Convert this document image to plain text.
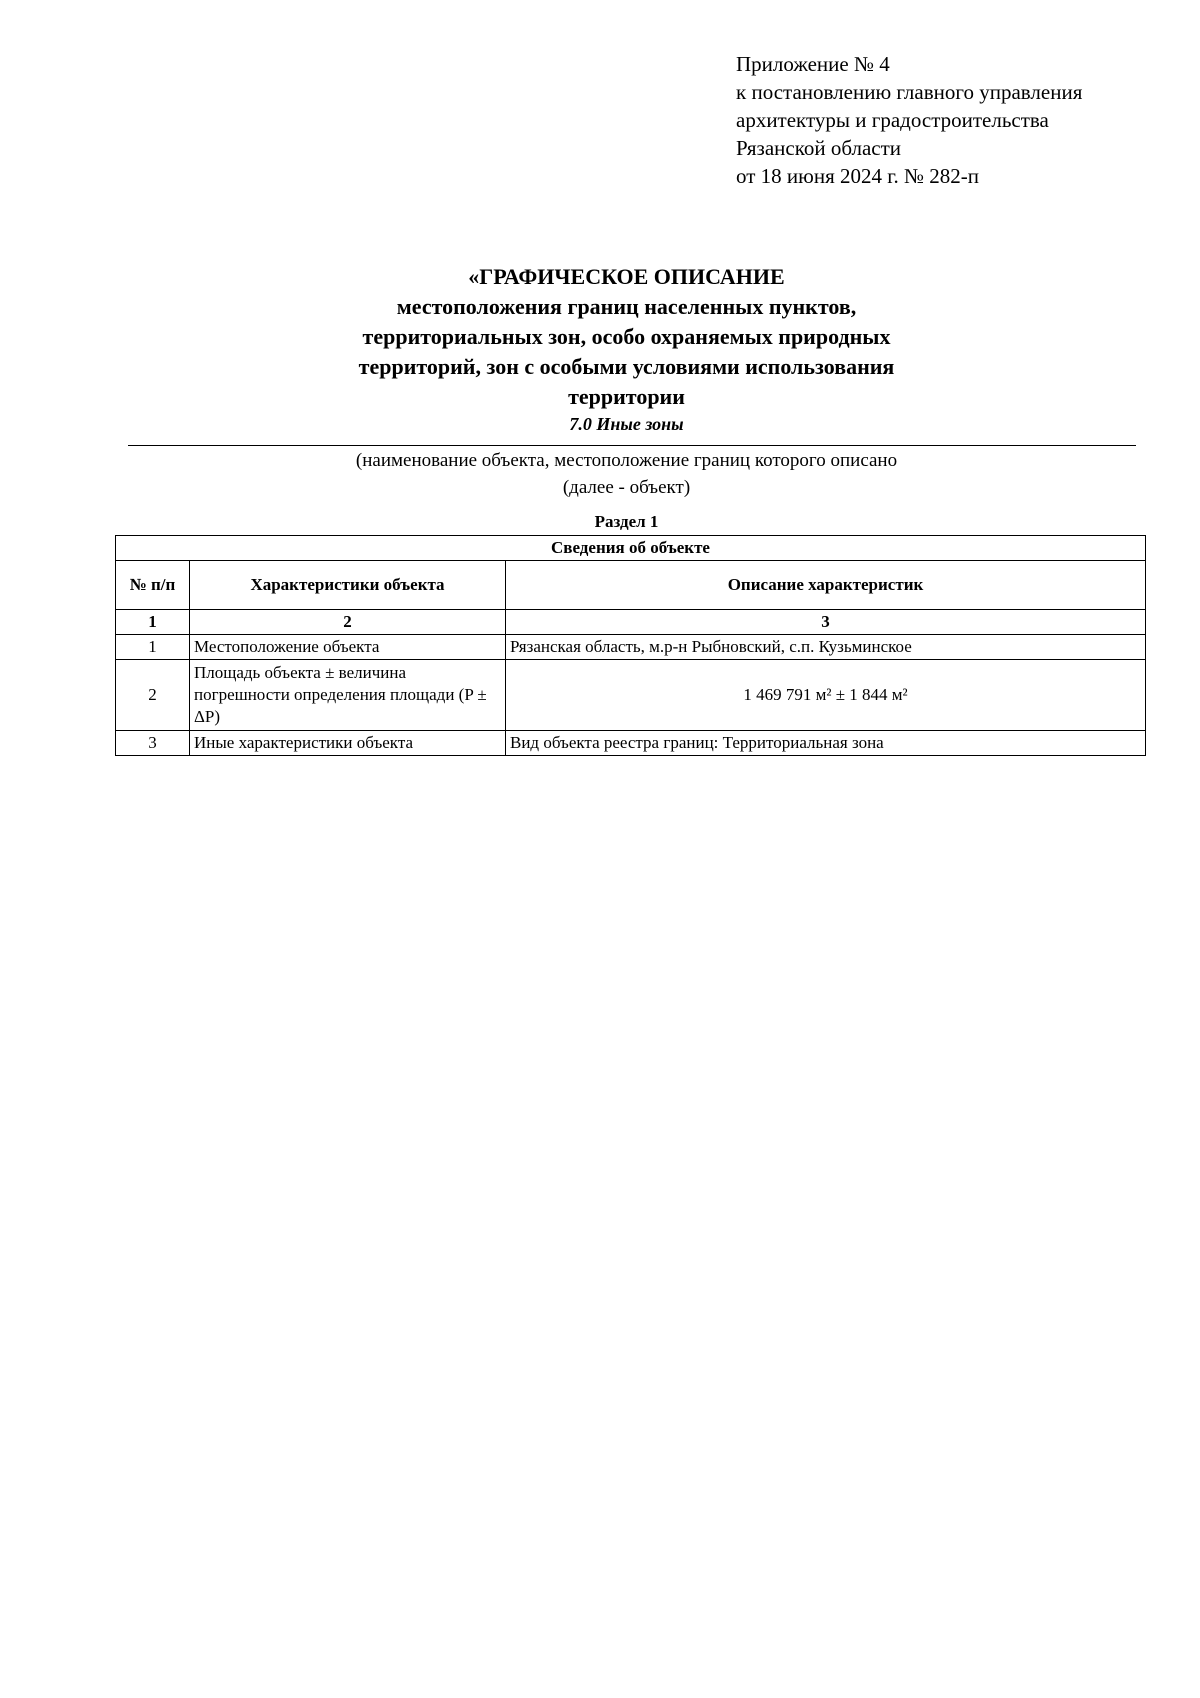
Приложение № 4
к постановлению главного управления
архитектуры и градостроительства
Рязанской области
от 18 июня 2024 г. № 282-п
«ГРАФИЧЕСКОЕ ОПИСАНИЕ
местоположения границ населенных пунктов,
территориальных зон, особо охраняемых природных
территорий, зон с особыми условиями использования
территории
7.0 Иные зоны
(наименование объекта, местоположение границ которого описано
(далее - объект)
Раздел 1
Сведения об объекте		
№ п/п	Характеристики объекта	Описание характеристик
1	2	3
1	Местоположение объекта	Рязанская область, м.р-н Рыбновский, с.п. Кузьминское
2	Площадь объекта ± величина погрешности определения площади (P ± ΔP)	1 469 791 м² ± 1 844 м²
3	Иные характеристики объекта	Вид объекта реестра границ: Территориальная зона
